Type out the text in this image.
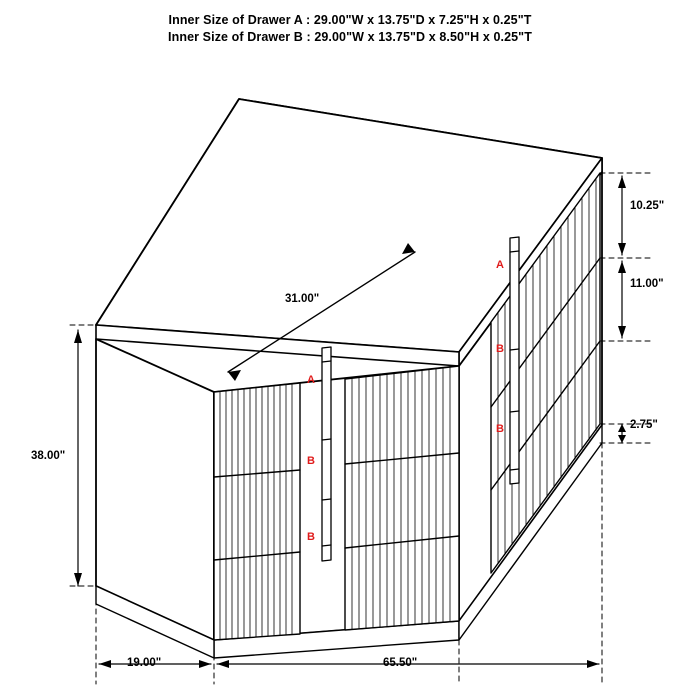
Inner Size of Drawer A : 29.00"W x 13.75"D x 7.25"H x 0.25"T
Inner Size of Drawer B : 29.00"W x 13.75"D x 8.50"H x 0.25"T
10.25"
11.00"
2.75"
38.00"
19.00"	65.50"
31.00"
A
B
B
A
B
B
